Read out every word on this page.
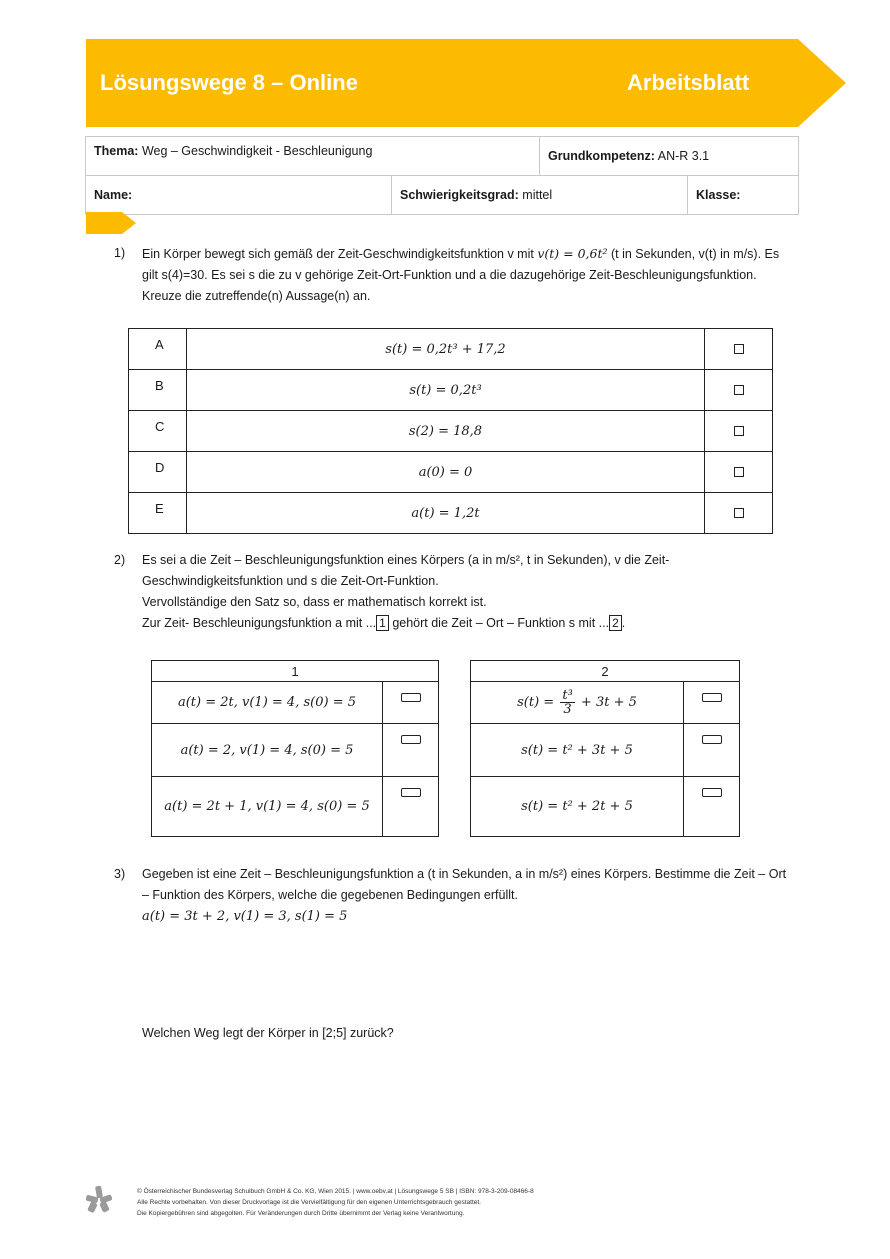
Lösungswege 8 – Online	Arbeitsblatt
Thema: Weg – Geschwindigkeit - Beschleunigung		Grundkompetenz: AN-R 3.1	
Name:	Schwierigkeitsgrad: mittel		Klasse:
1)	Ein Körper bewegt sich gemäß der Zeit-Geschwindigkeitsfunktion v mit v(t) = 0,6t² (t in Sekunden, v(t) in m/s). Es
gilt s(4)=30. Es sei s die zu v gehörige Zeit-Ort-Funktion und a die dazugehörige Zeit-Beschleunigungsfunktion.
Kreuze die zutreffende(n) Aussage(n) an.
A	s(t) = 0,2t³ + 17,2	
B	s(t) = 0,2t³	
C	s(2) = 18,8	
D	a(0) = 0	
E	a(t) = 1,2t	
2)	Es sei a die Zeit – Beschleunigungsfunktion eines Körpers (a in m/s², t in Sekunden), v die Zeit-
Geschwindigkeitsfunktion und s die Zeit-Ort-Funktion.
Vervollständige den Satz so, dass er mathematisch korrekt ist.
Zur Zeit- Beschleunigungsfunktion a mit ... 1 gehört die Zeit – Ort – Funktion s mit ... 2 .
1	
a(t) = 2t, v(1) = 4, s(0) = 5	
a(t) = 2, v(1) = 4, s(0) = 5	
a(t) = 2t + 1, v(1) = 4, s(0) = 5	
2	
$s(t) = \frac{\text{t³}}{3} + 3t + 5$	
s(t) = t² + 3t + 5	
s(t) = t² + 2t + 5	
3)	Gegeben ist eine Zeit – Beschleunigungsfunktion a (t in Sekunden, a in m/s²) eines Körpers. Bestimme die Zeit – Ort
– Funktion des Körpers, welche die gegebenen Bedingungen erfüllt.
a(t) = 3t + 2, v(1) = 3, s(1) = 5
Welchen Weg legt der Körper in [2;5] zurück?
© Österreichischer Bundesverlag Schulbuch GmbH & Co. KG, Wien 2015. | www.oebv.at | Lösungswege 5 SB | ISBN: 978-3-209-08466-8
Alle Rechte vorbehalten. Von dieser Druckvorlage ist die Vervielfältigung für den eigenen Unterrichtsgebrauch gestattet.
Die Kopiergebühren sind abgegolten. Für Veränderungen durch Dritte übernimmt der Verlag keine Verantwortung.
